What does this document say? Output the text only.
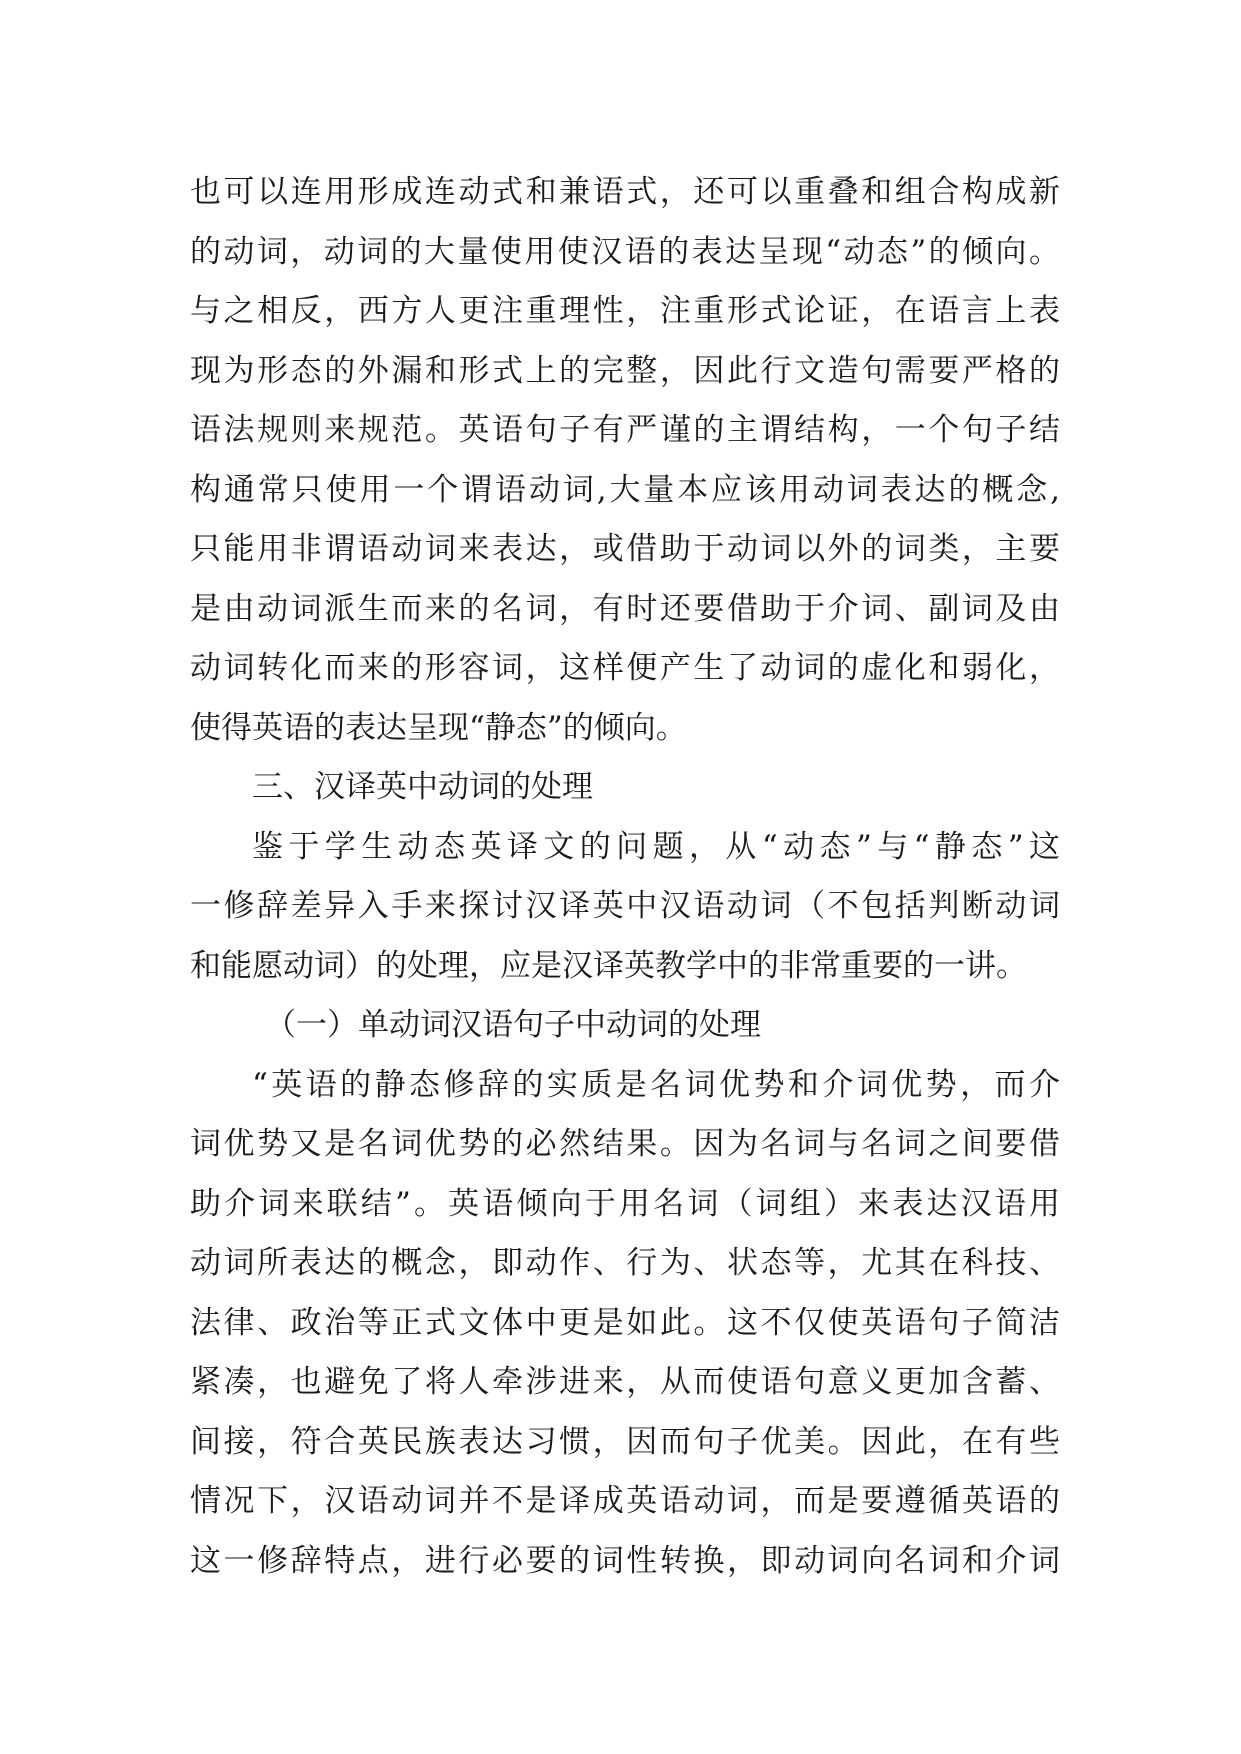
也可以连用形成连动式和兼语式，还可以重叠和组合构成新
的动词，动词的大量使用使汉语的表达呈现“动态”的倾向。
与之相反，西方人更注重理性，注重形式论证，在语言上表
现为形态的外漏和形式上的完整，因此行文造句需要严格的
语法规则来规范。英语句子有严谨的主谓结构，一个句子结
构通常只使用一个谓语动词,大量本应该用动词表达的概念,
只能用非谓语动词来表达，或借助于动词以外的词类，主要
是由动词派生而来的名词，有时还要借助于介词、副词及由
动词转化而来的形容词，这样便产生了动词的虚化和弱化，
使得英语的表达呈现“静态”的倾向。
三、汉译英中动词的处理
鉴于学生动态英译文的问题，从“动态”与“静态”这
一修辞差异入手来探讨汉译英中汉语动词（不包括判断动词
和能愿动词）的处理，应是汉译英教学中的非常重要的一讲。
（一）单动词汉语句子中动词的处理
“英语的静态修辞的实质是名词优势和介词优势，而介
词优势又是名词优势的必然结果。因为名词与名词之间要借
助介词来联结”。英语倾向于用名词（词组）来表达汉语用
动词所表达的概念，即动作、行为、状态等，尤其在科技、
法律、政治等正式文体中更是如此。这不仅使英语句子简洁
紧凑，也避免了将人牵涉进来，从而使语句意义更加含蓄、
间接，符合英民族表达习惯，因而句子优美。因此，在有些
情况下，汉语动词并不是译成英语动词，而是要遵循英语的
这一修辞特点，进行必要的词性转换，即动词向名词和介词
